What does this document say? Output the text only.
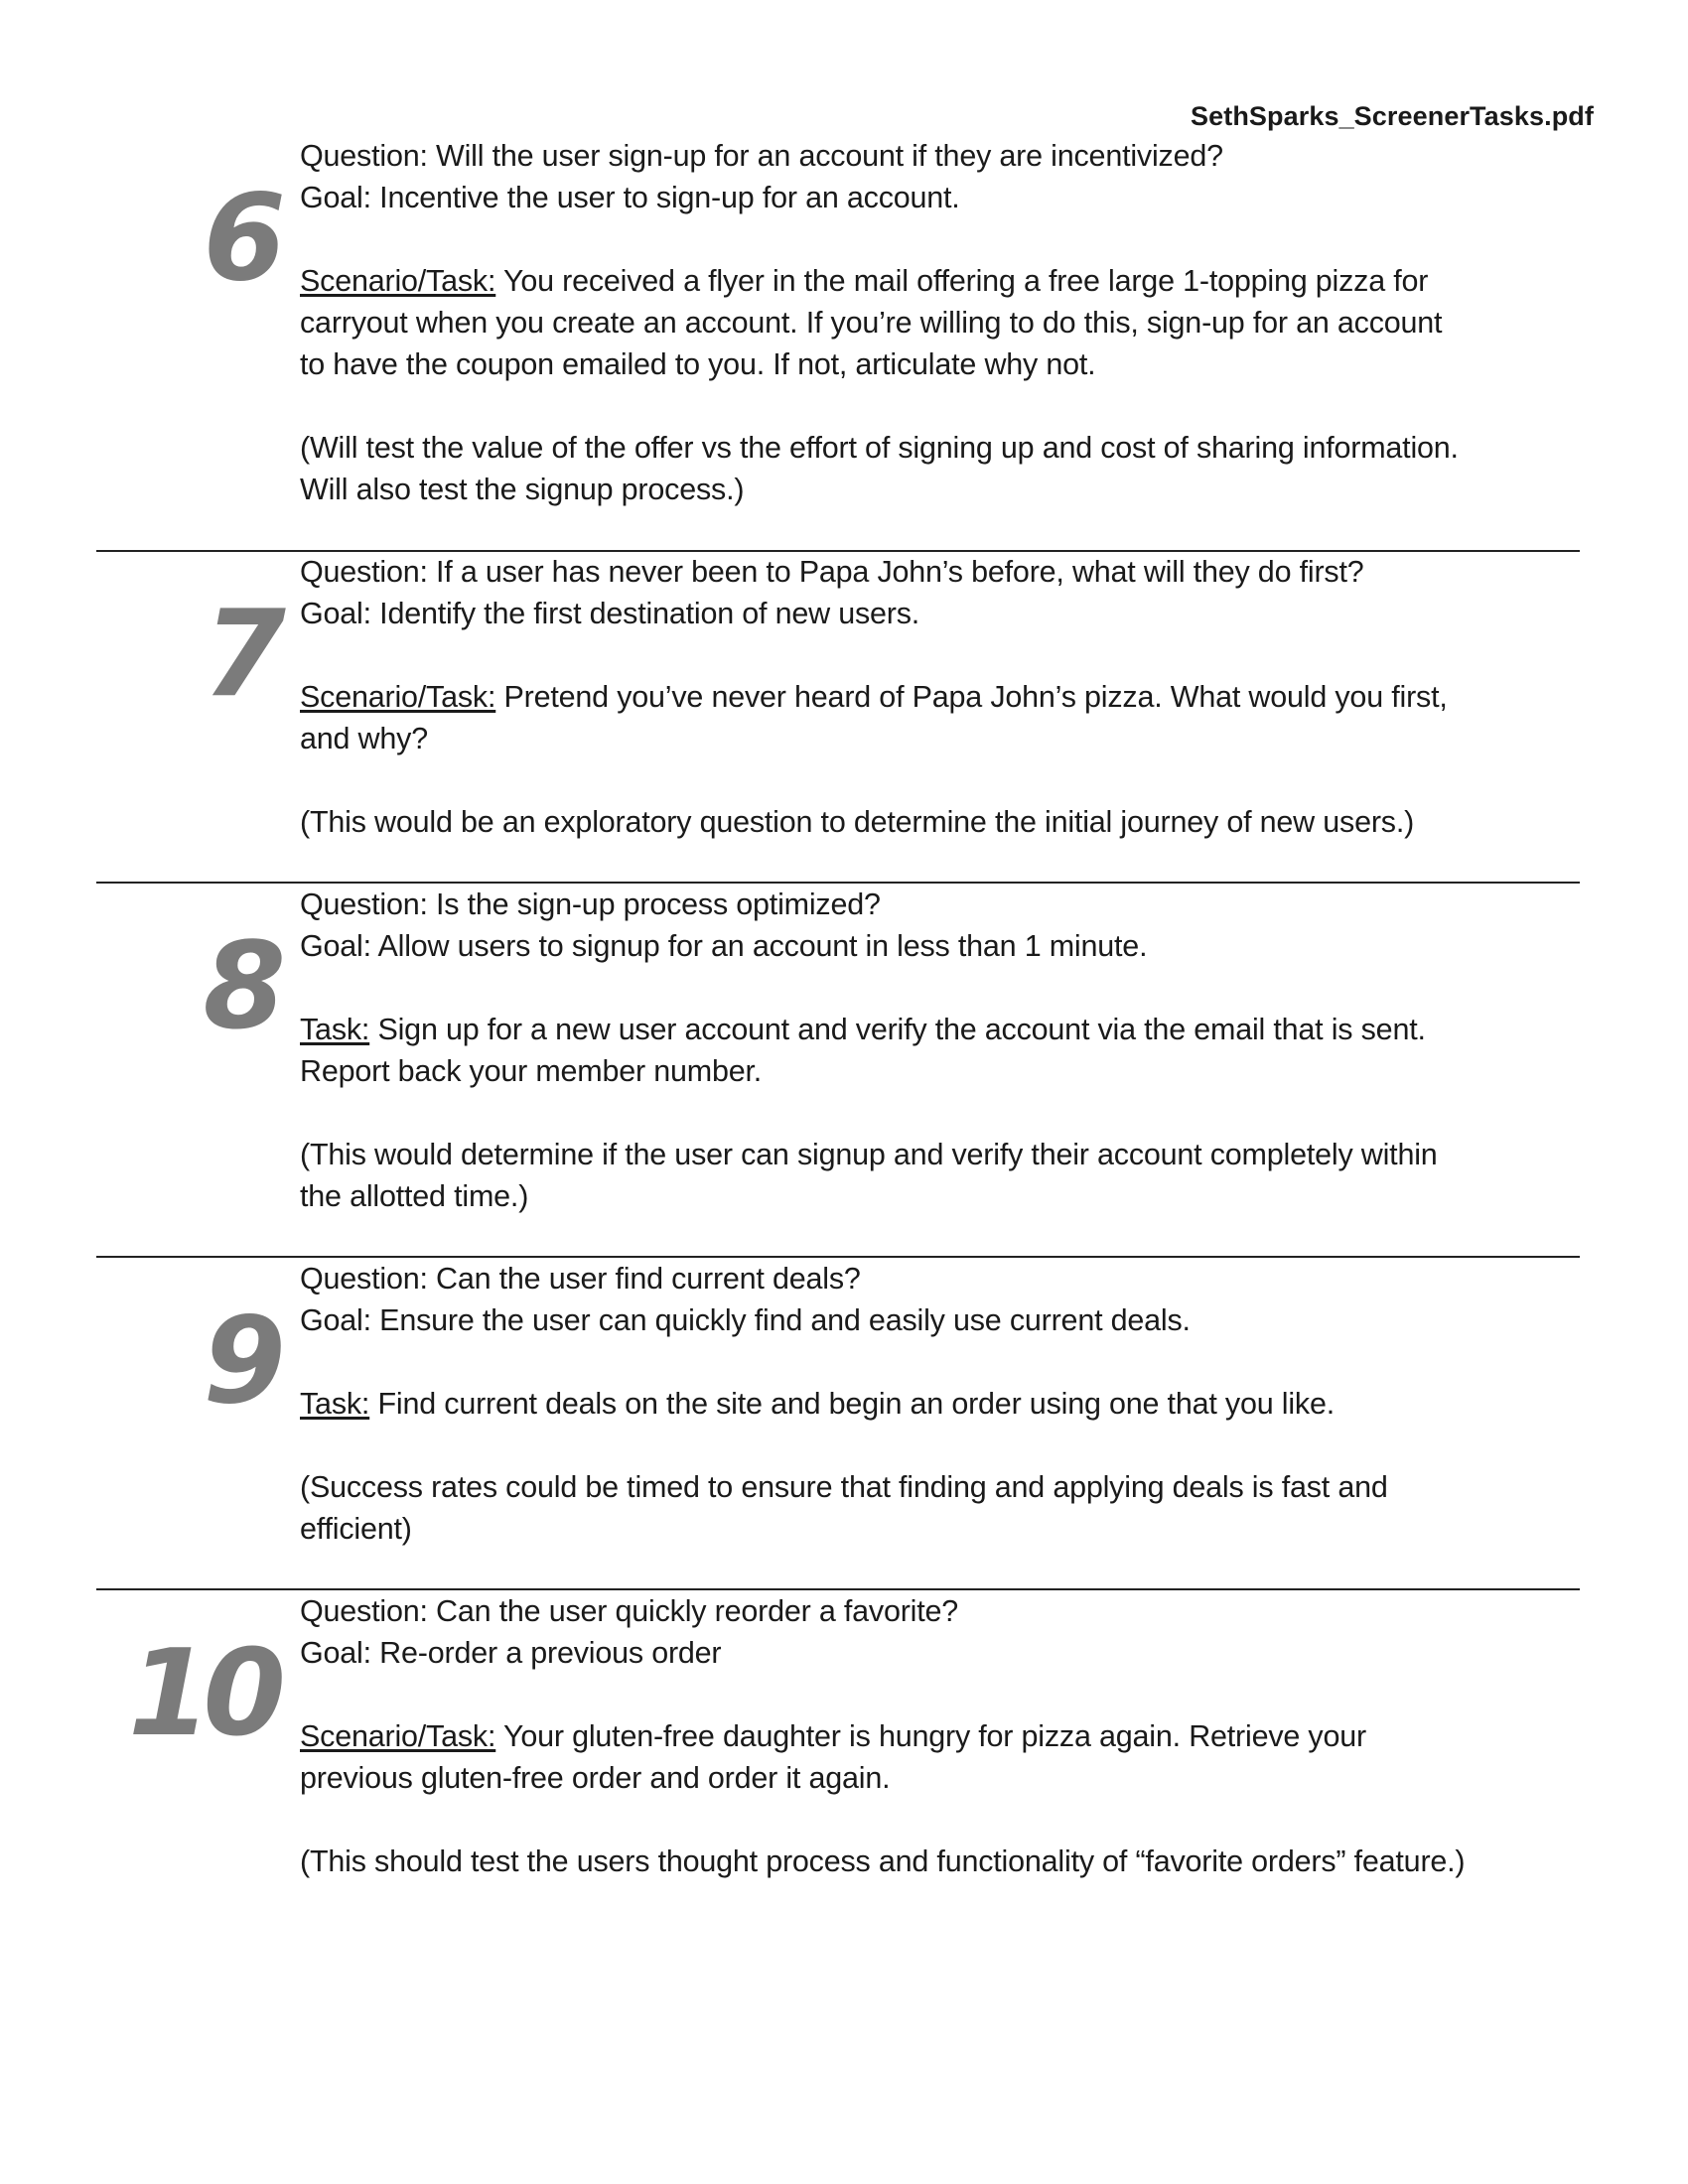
SethSparks_ScreenerTasks.pdf
6

Question: Will the user sign-up for an account if they are incentivized?

Goal: Incentive the user to sign-up for an account.

Scenario/Task: You received a flyer in the mail offering a free large 1-topping pizza for

carryout when you create an account. If you’re willing to do this, sign-up for an account

to have the coupon emailed to you. If not, articulate why not.

(Will test the value of the offer vs the effort of signing up and cost of sharing information.

Will also test the signup process.)

7

Question: If a user has never been to Papa John’s before, what will they do first?

Goal: Identify the first destination of new users.

Scenario/Task: Pretend you’ve never heard of Papa John’s pizza. What would you first,

and why?

(This would be an exploratory question to determine the initial journey of new users.)

8

Question: Is the sign-up process optimized?

Goal: Allow users to signup for an account in less than 1 minute.

Task: Sign up for a new user account and verify the account via the email that is sent.

Report back your member number.

(This would determine if the user can signup and verify their account completely within

the allotted time.)

9

Question: Can the user find current deals?

Goal: Ensure the user can quickly find and easily use current deals.

Task: Find current deals on the site and begin an order using one that you like.

(Success rates could be timed to ensure that finding and applying deals is fast and

efficient)

10

Question: Can the user quickly reorder a favorite?

Goal: Re-order a previous order

Scenario/Task: Your gluten-free daughter is hungry for pizza again. Retrieve your

previous gluten-free order and order it again.

(This should test the users thought process and functionality of “favorite orders” feature.)
